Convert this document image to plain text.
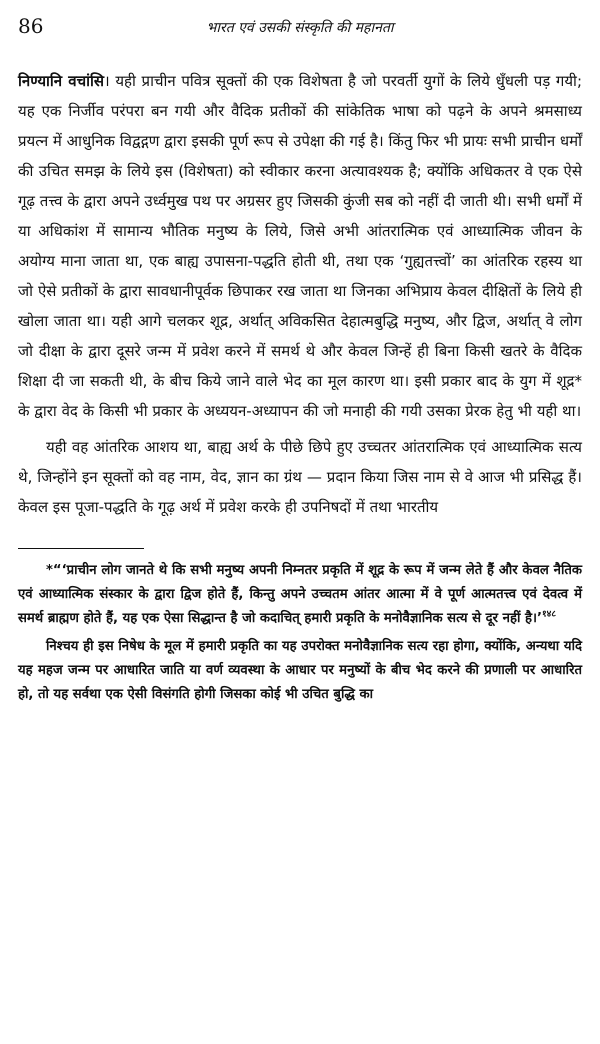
86	भारत एवं उसकी संस्कृति की महानता

निण्यानि वचांसि। यही प्राचीन पवित्र सूक्तों की एक विशेषता है जो परवर्ती युगों के लिये धुँधली पड़ गयी; यह एक निर्जीव परंपरा बन गयी और वैदिक प्रतीकों की सांकेतिक भाषा को पढ़ने के अपने श्रमसाध्य प्रयत्न में आधुनिक विद्वद्गण द्वारा इसकी पूर्ण रूप से उपेक्षा की गई है। किंतु फिर भी प्रायः सभी प्राचीन धर्मों की उचित समझ के लिये इस (विशेषता) को स्वीकार करना अत्यावश्यक है; क्योंकि अधिकतर वे एक ऐसे गूढ़ तत्त्व के द्वारा अपने उर्ध्वमुख पथ पर अग्रसर हुए जिसकी कुंजी सब को नहीं दी जाती थी। सभी धर्मों में या अधिकांश में सामान्य भौतिक मनुष्य के लिये, जिसे अभी आंतरात्मिक एवं आध्यात्मिक जीवन के अयोग्य माना जाता था, एक बाह्य उपासना-पद्धति होती थी, तथा एक ‘गुह्यतत्त्वों’ का आंतरिक रहस्य था जो ऐसे प्रतीकों के द्वारा सावधानीपूर्वक छिपाकर रख जाता था जिनका अभिप्राय केवल दीक्षितों के लिये ही खोला जाता था। यही आगे चलकर शूद्र, अर्थात् अविकसित देहात्मबुद्धि मनुष्य, और द्विज, अर्थात् वे लोग जो दीक्षा के द्वारा दूसरे जन्म में प्रवेश करने में समर्थ थे और केवल जिन्हें ही बिना किसी खतरे के वैदिक शिक्षा दी जा सकती थी, के बीच किये जाने वाले भेद का मूल कारण था। इसी प्रकार बाद के युग में शूद्र* के द्वारा वेद के किसी भी प्रकार के अध्ययन-अध्यापन की जो मनाही की गयी उसका प्रेरक हेतु भी यही था।

यही वह आंतरिक आशय था, बाह्य अर्थ के पीछे छिपे हुए उच्चतर आंतरात्मिक एवं आध्यात्मिक सत्य थे, जिन्होंने इन सूक्तों को वह नाम, वेद, ज्ञान का ग्रंथ — प्रदान किया जिस नाम से वे आज भी प्रसिद्ध हैं। केवल इस पूजा-पद्धति के गूढ़ अर्थ में प्रवेश करके ही उपनिषदों में तथा भारतीय

*“‘प्राचीन लोग जानते थे कि सभी मनुष्य अपनी निम्नतर प्रकृति में शूद्र के रूप में जन्म लेते हैं और केवल नैतिक एवं आध्यात्मिक संस्कार के द्वारा द्विज होते हैं, किन्तु अपने उच्चतम आंतर आत्मा में वे पूर्ण आत्मतत्त्व एवं देवत्व में समर्थ ब्राह्मण होते हैं, यह एक ऐसा सिद्धान्त है जो कदाचित् हमारी प्रकृति के मनोवैज्ञानिक सत्य से दूर नहीं है।’$^{१४८}$

निश्चय ही इस निषेध के मूल में हमारी प्रकृति का यह उपरोक्त मनोवैज्ञानिक सत्य रहा होगा, क्योंकि, अन्यथा यदि यह महज जन्म पर आधारित जाति या वर्ण व्यवस्था के आधार पर मनुष्यों के बीच भेद करने की प्रणाली पर आधारित हो, तो यह सर्वथा एक ऐसी विसंगति होगी जिसका कोई भी उचित बुद्धि का
